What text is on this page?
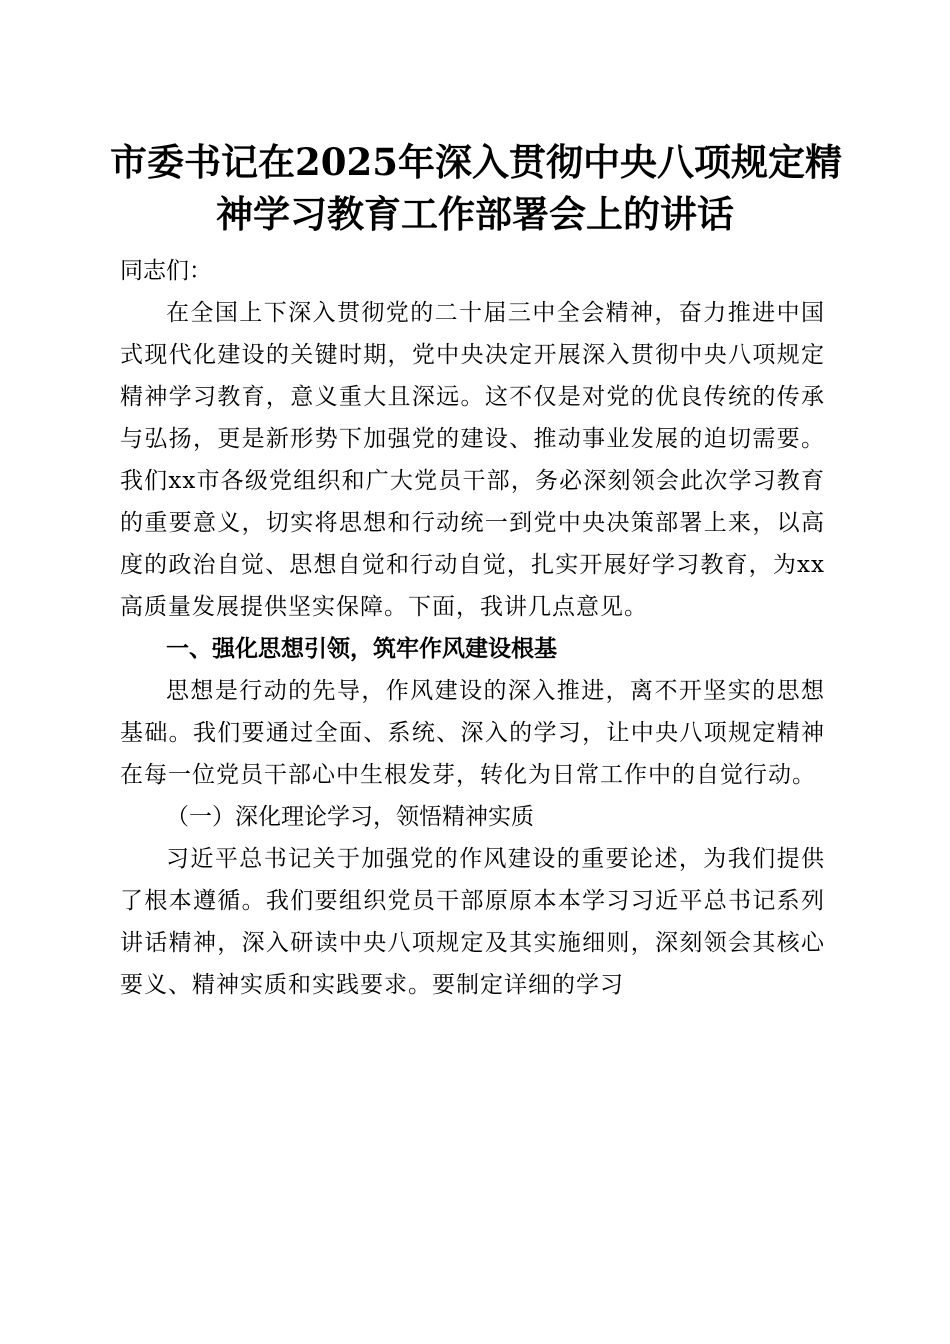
市委书记在2025年深入贯彻中央八项规定精
神学习教育工作部署会上的讲话

同志们：

在全国上下深入贯彻党的二十届三中全会精神，奋力推进中国式现代化建设的关键时期，党中央决定开展深入贯彻中央八项规定精神学习教育，意义重大且深远。这不仅是对党的优良传统的传承与弘扬，更是新形势下加强党的建设、推动事业发展的迫切需要。我们xx市各级党组织和广大党员干部，务必深刻领会此次学习教育的重要意义，切实将思想和行动统一到党中央决策部署上来，以高度的政治自觉、思想自觉和行动自觉，扎实开展好学习教育，为xx高质量发展提供坚实保障。下面，我讲几点意见。

一、强化思想引领，筑牢作风建设根基

思想是行动的先导，作风建设的深入推进，离不开坚实的思想基础。我们要通过全面、系统、深入的学习，让中央八项规定精神在每一位党员干部心中生根发芽，转化为日常工作中的自觉行动。

（一）深化理论学习，领悟精神实质

习近平总书记关于加强党的作风建设的重要论述，为我们提供了根本遵循。我们要组织党员干部原原本本学习习近平总书记系列讲话精神，深入研读中央八项规定及其实施细则，深刻领会其核心要义、精神实质和实践要求。要制定详细的学习
